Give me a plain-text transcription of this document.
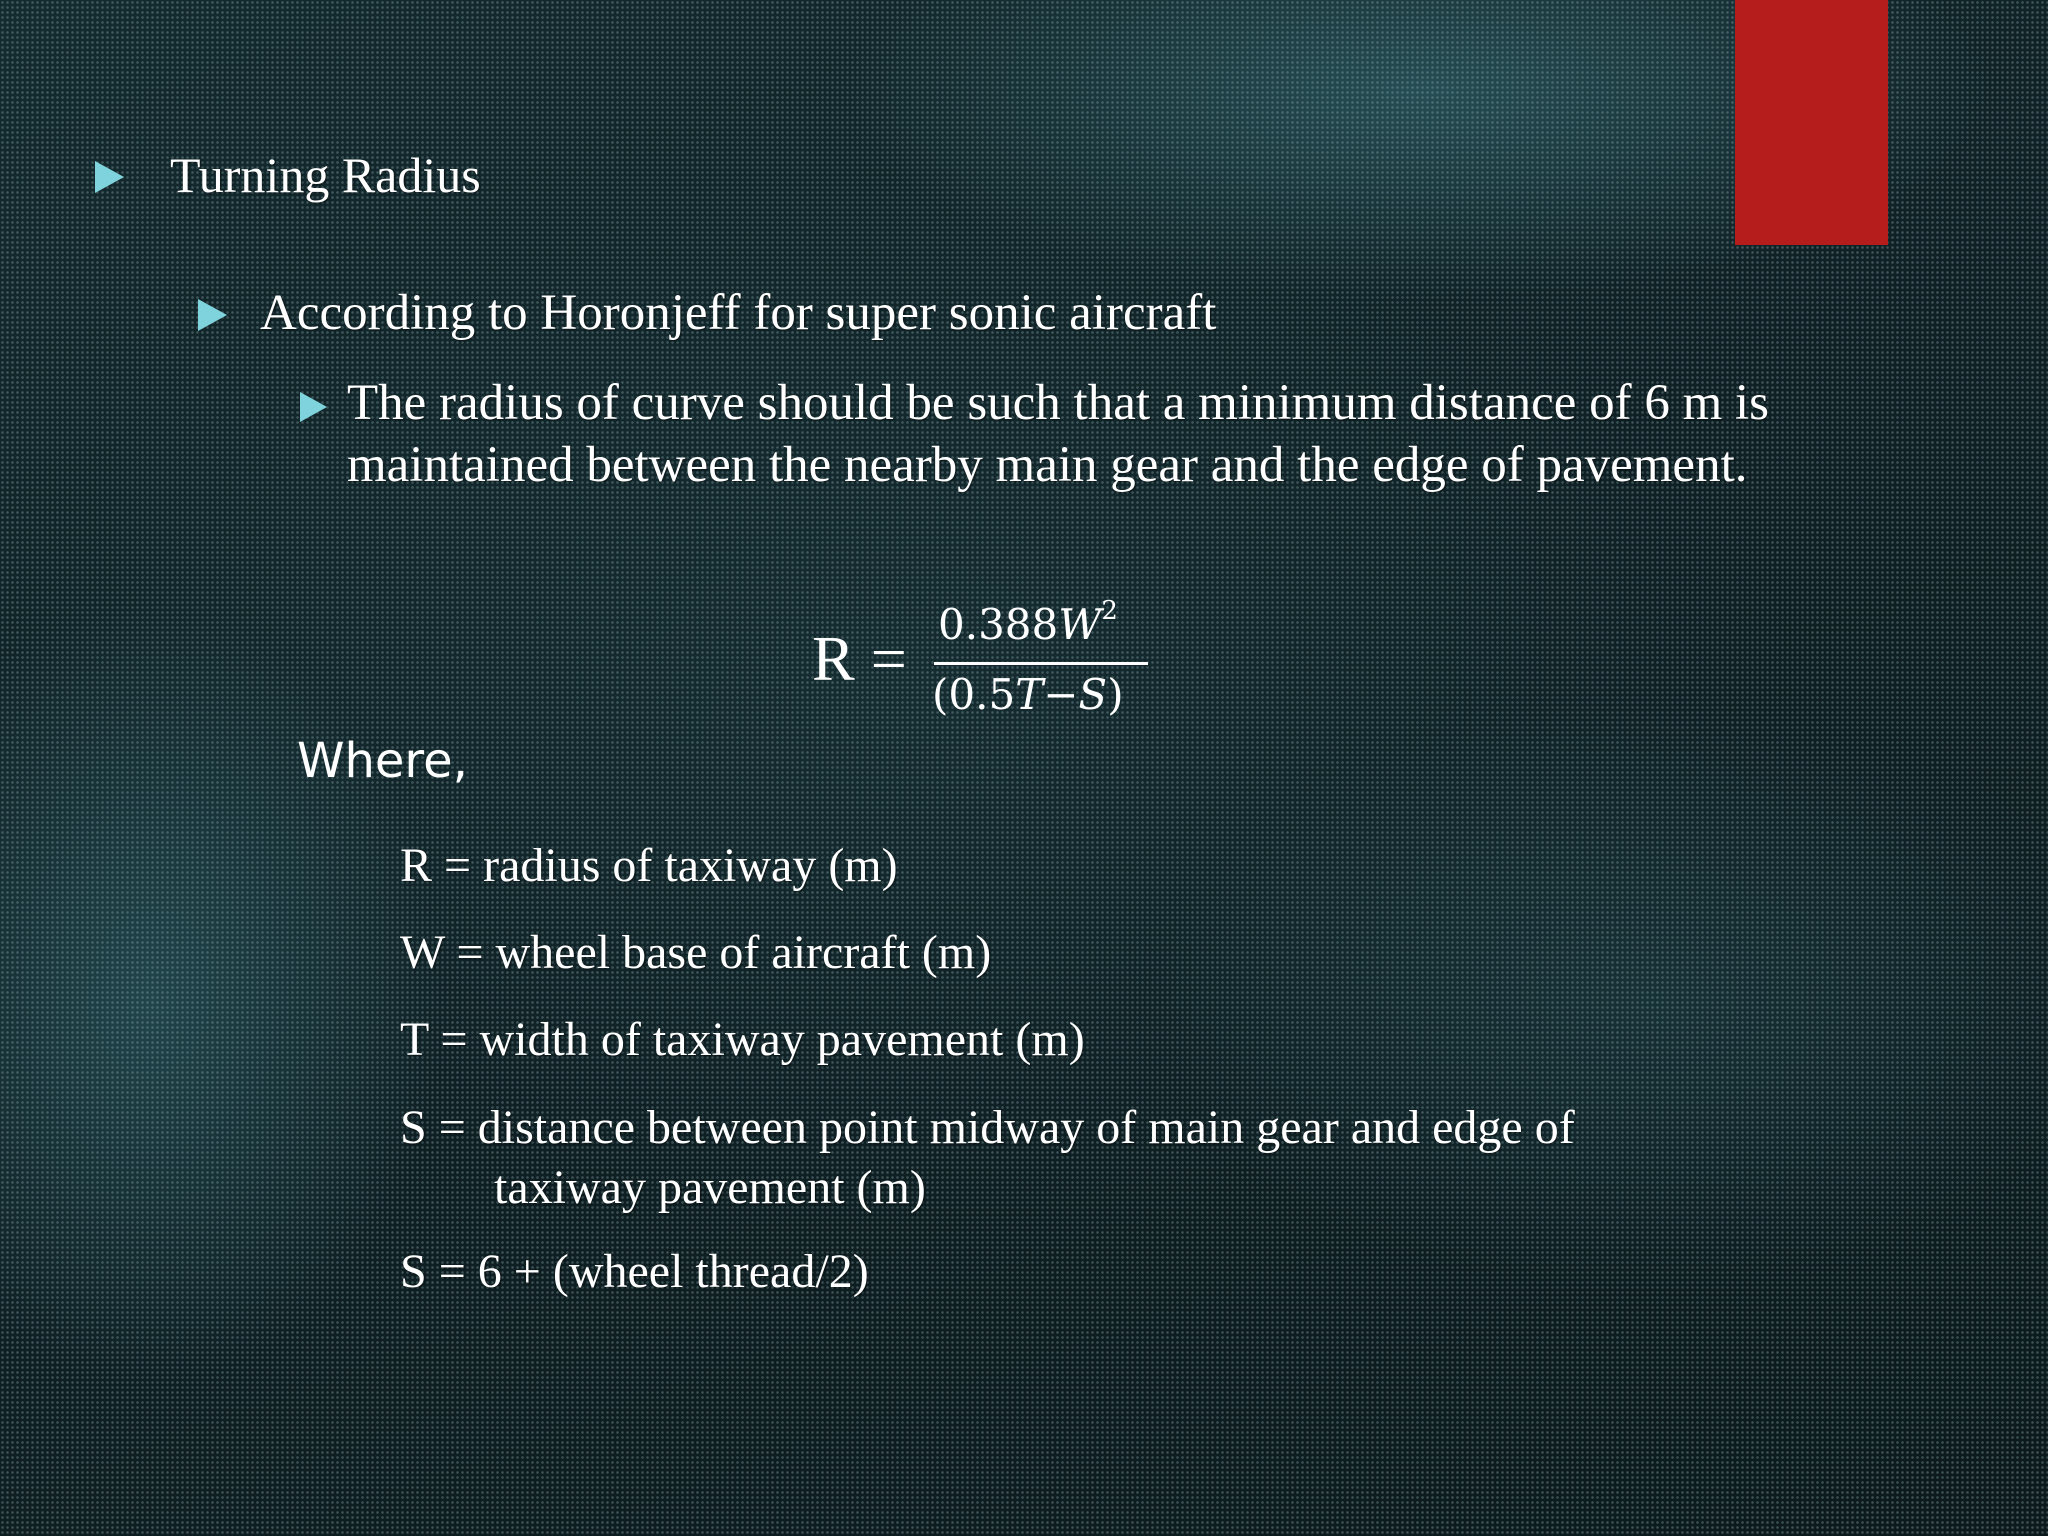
Turning Radius
According to Horonjeff for super sonic aircraft
The radius of curve should be such that a minimum distance of 6 m is
maintained between the nearby main gear and the edge of pavement.
$R = 0.388W^2$
(0.5T−S)
Where,
R = radius of taxiway (m)
W = wheel base of aircraft (m)
T = width of taxiway pavement (m)
S = distance between point midway of main gear and edge of
taxiway pavement (m)
S = 6 + (wheel thread/2)
